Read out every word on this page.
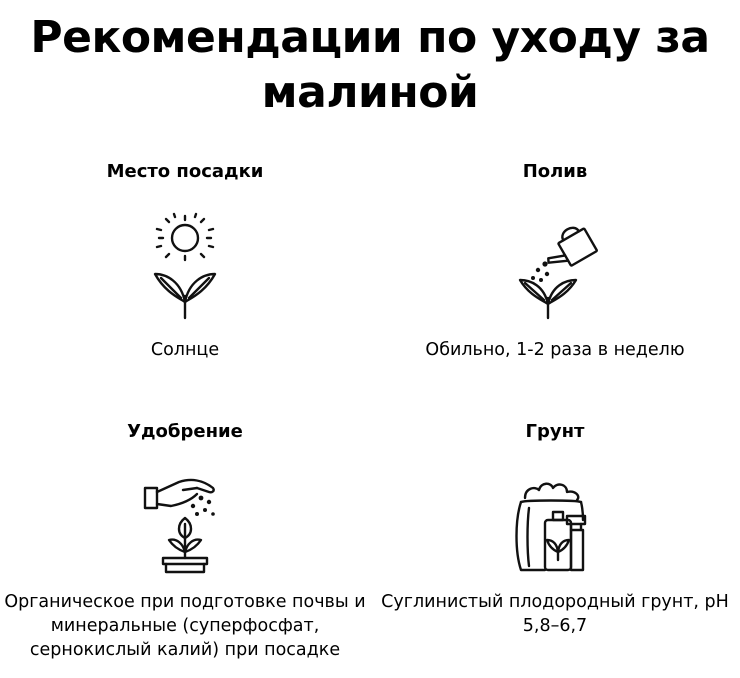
Рекомендации по уходу за малиной
Место посадки
Солнце
Полив
Обильно, 1-2 раза в неделю
Удобрение
Органическое при подготовке почвы и минеральные (суперфосфат, сернокислый калий) при посадке
Грунт
Суглинистый плодородный грунт, pH 5,8–6,7
